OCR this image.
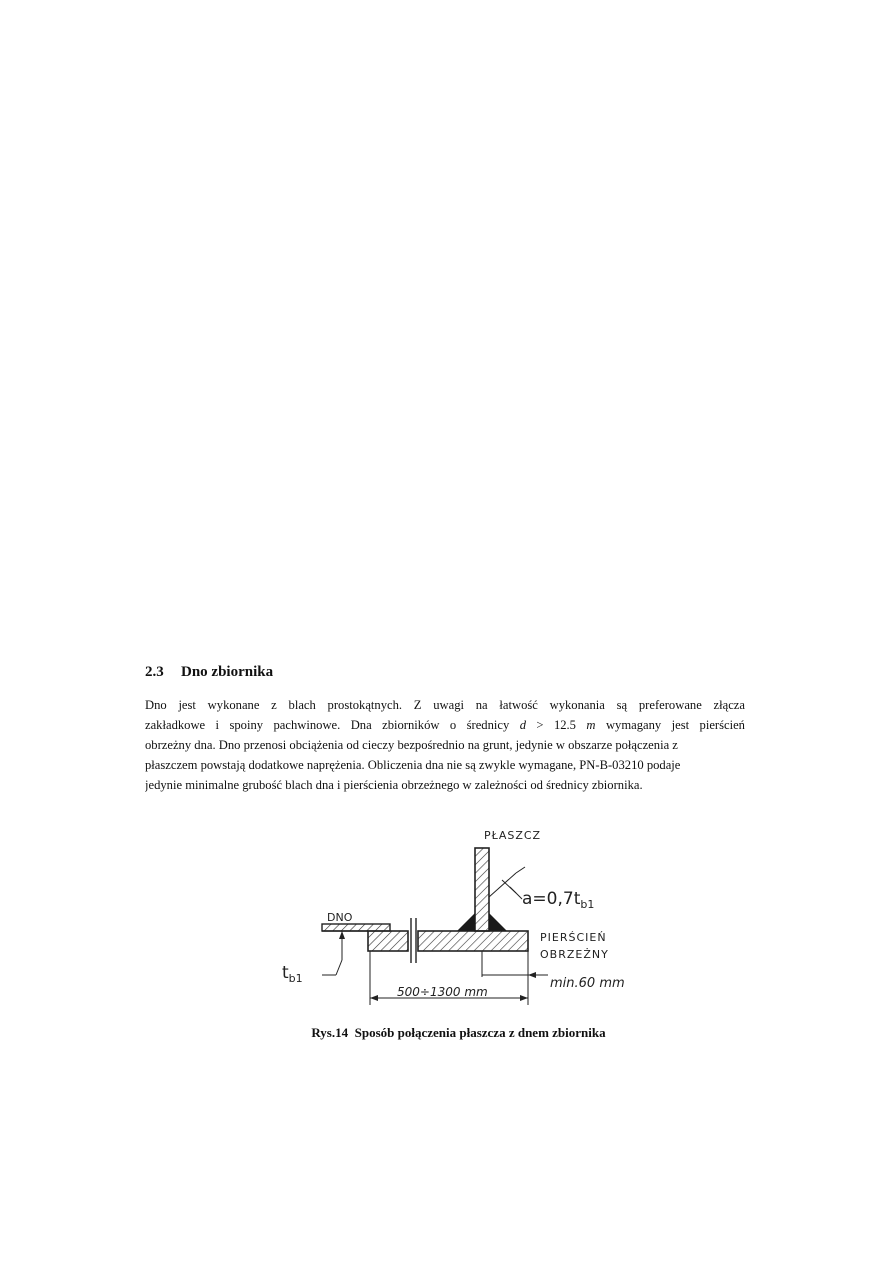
2.3 Dno zbiornika
Dno jest wykonane z blach prostokątnych. Z uwagi na łatwość wykonania są preferowane złącza
zakładkowe i spoiny pachwinowe. Dna zbiorników o średnicy d > 12.5 m wymagany jest pierścień
obrzeżny dna. Dno przenosi obciążenia od cieczy bezpośrednio na grunt, jedynie w obszarze połączenia z
płaszczem powstają dodatkowe naprężenia. Obliczenia dna nie są zwykle wymagane, PN-B-03210 podaje
jedynie minimalne grubość blach dna i pierścienia obrzeżnego w zależności od średnicy zbiornika.
PŁASZCZ
$a=0,7t_{b1}$
DNO
PIERŚCIEŃ
OBRZEŻNY
$t_{b1}$
500÷1300 mm
min.60 mm
Rys.14 Sposób połączenia płaszcza z dnem zbiornika
